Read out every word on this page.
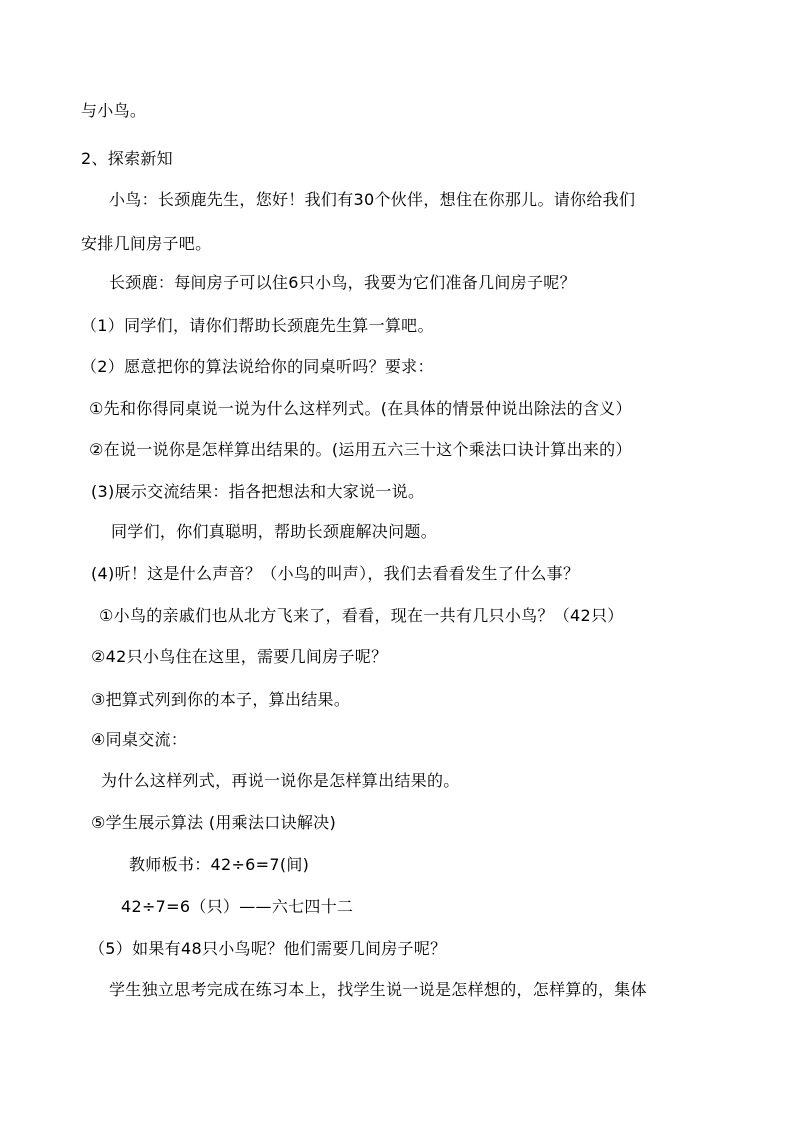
与小鸟。
2、探索新知
小鸟：长颈鹿先生，您好！我们有30个伙伴，想住在你那儿。请你给我们
安排几间房子吧。
长颈鹿：每间房子可以住6只小鸟，我要为它们准备几间房子呢？
（1）同学们，请你们帮助长颈鹿先生算一算吧。
（2）愿意把你的算法说给你的同桌听吗？要求：
①先和你得同桌说一说为什么这样列式。(在具体的情景仲说出除法的含义）
②在说一说你是怎样算出结果的。(运用五六三十这个乘法口诀计算出来的）
(3)展示交流结果：指各把想法和大家说一说。
同学们，你们真聪明，帮助长颈鹿解决问题。
(4)听！这是什么声音？（小鸟的叫声），我们去看看发生了什么事？
①小鸟的亲戚们也从北方飞来了，看看，现在一共有几只小鸟？（42只）
②42只小鸟住在这里，需要几间房子呢？
③把算式列到你的本子，算出结果。
④同桌交流：
为什么这样列式，再说一说你是怎样算出结果的。
⑤学生展示算法 (用乘法口诀解决)
教师板书：42÷6=7(间)
42÷7=6（只）——六七四十二
（5）如果有48只小鸟呢？他们需要几间房子呢？
学生独立思考完成在练习本上，找学生说一说是怎样想的，怎样算的，集体
